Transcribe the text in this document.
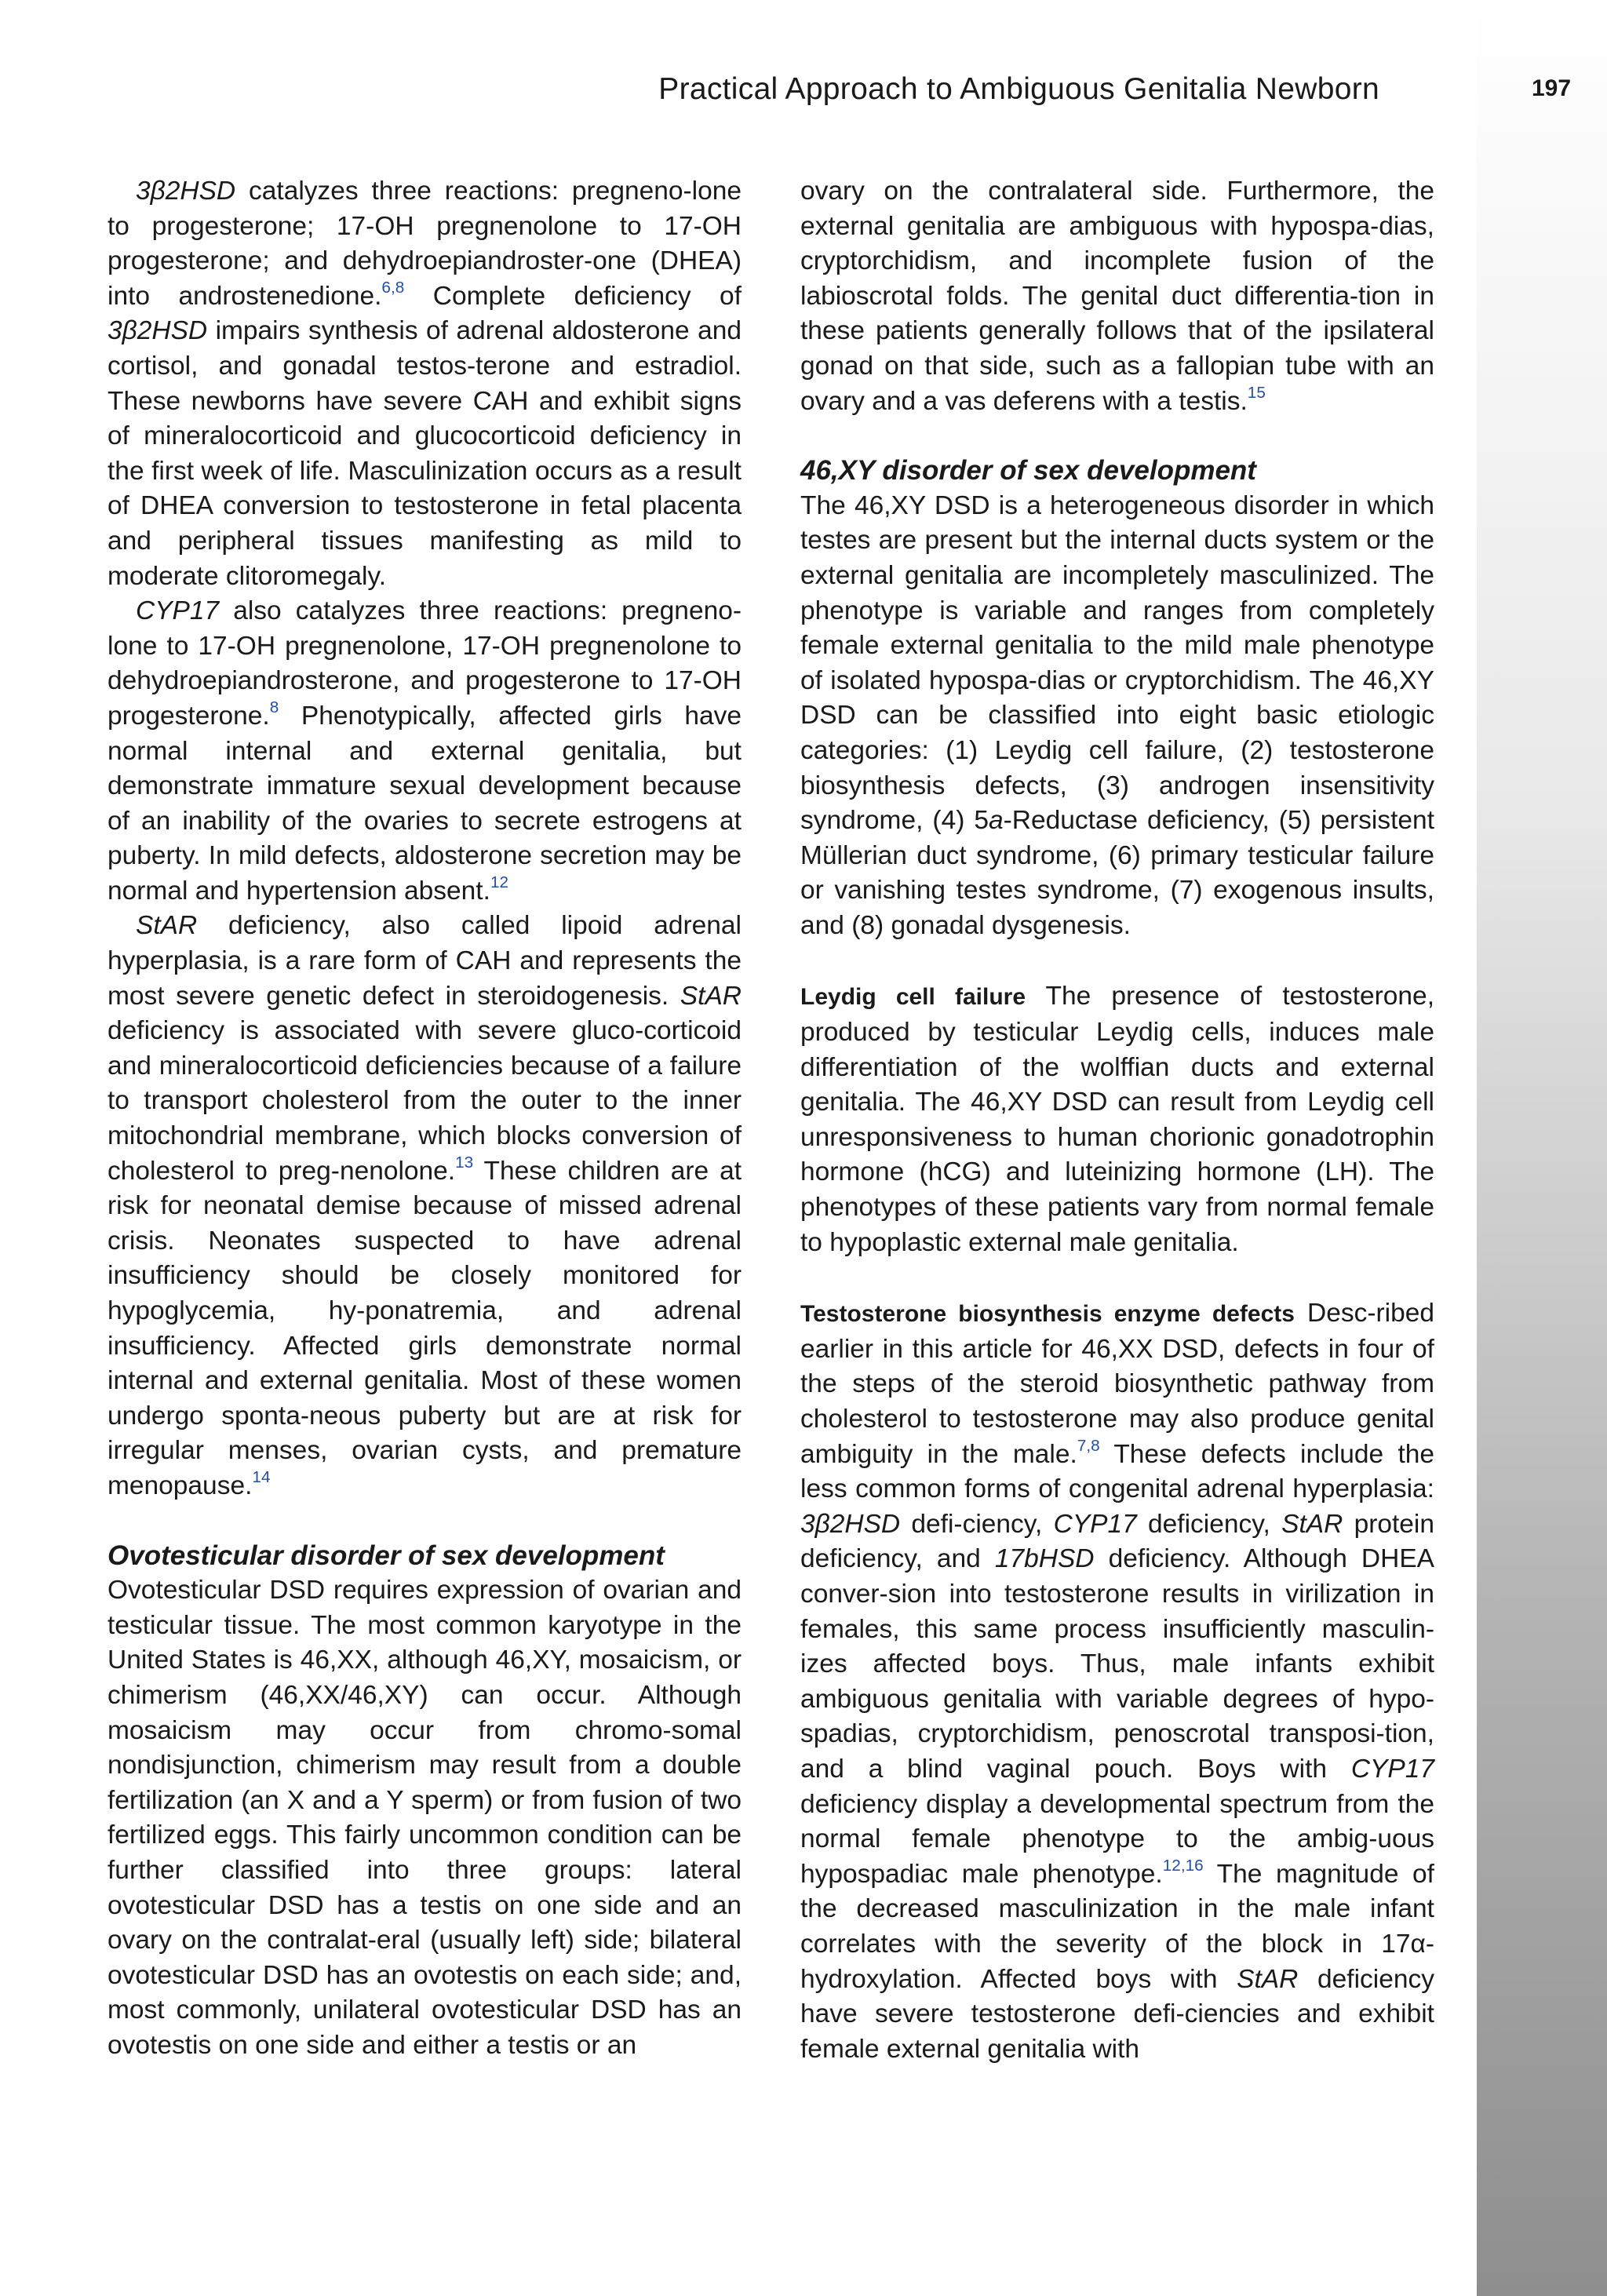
Practical Approach to Ambiguous Genitalia Newborn	197

3β2HSD catalyzes three reactions: pregneno-lone to progesterone; 17-OH pregnenolone to 17-OH progesterone; and dehydroepiandroster-one (DHEA) into androstenedione.$^{6,8}$ Complete deficiency of 3β2HSD impairs synthesis of adrenal aldosterone and cortisol, and gonadal testos-terone and estradiol. These newborns have severe CAH and exhibit signs of mineralocorticoid and glucocorticoid deficiency in the first week of life. Masculinization occurs as a result of DHEA conversion to testosterone in fetal placenta and peripheral tissues manifesting as mild to moderate clitoromegaly.

CYP17 also catalyzes three reactions: pregneno-lone to 17-OH pregnenolone, 17-OH pregnenolone to dehydroepiandrosterone, and progesterone to 17-OH progesterone.$^8$ Phenotypically, affected girls have normal internal and external genitalia, but demonstrate immature sexual development because of an inability of the ovaries to secrete estrogens at puberty. In mild defects, aldosterone secretion may be normal and hypertension absent.$^{12}$

StAR deficiency, also called lipoid adrenal hyperplasia, is a rare form of CAH and represents the most severe genetic defect in steroidogenesis. StAR deficiency is associated with severe gluco-corticoid and mineralocorticoid deficiencies because of a failure to transport cholesterol from the outer to the inner mitochondrial membrane, which blocks conversion of cholesterol to preg-nenolone.$^{13}$ These children are at risk for neonatal demise because of missed adrenal crisis. Neonates suspected to have adrenal insufficiency should be closely monitored for hypoglycemia, hy-ponatremia, and adrenal insufficiency. Affected girls demonstrate normal internal and external genitalia. Most of these women undergo sponta-neous puberty but are at risk for irregular menses, ovarian cysts, and premature menopause.$^{14}$

Ovotesticular disorder of sex development

Ovotesticular DSD requires expression of ovarian and testicular tissue. The most common karyotype in the United States is 46,XX, although 46,XY, mosaicism, or chimerism (46,XX/46,XY) can occur. Although mosaicism may occur from chromo-somal nondisjunction, chimerism may result from a double fertilization (an X and a Y sperm) or from fusion of two fertilized eggs. This fairly uncommon condition can be further classified into three groups: lateral ovotesticular DSD has a testis on one side and an ovary on the contralat-eral (usually left) side; bilateral ovotesticular DSD has an ovotestis on each side; and, most commonly, unilateral ovotesticular DSD has an ovotestis on one side and either a testis or an

ovary on the contralateral side. Furthermore, the external genitalia are ambiguous with hypospa-dias, cryptorchidism, and incomplete fusion of the labioscrotal folds. The genital duct differentia-tion in these patients generally follows that of the ipsilateral gonad on that side, such as a fallopian tube with an ovary and a vas deferens with a testis.$^{15}$

46,XY disorder of sex development

The 46,XY DSD is a heterogeneous disorder in which testes are present but the internal ducts system or the external genitalia are incompletely masculinized. The phenotype is variable and ranges from completely female external genitalia to the mild male phenotype of isolated hypospa-dias or cryptorchidism. The 46,XY DSD can be classified into eight basic etiologic categories: (1) Leydig cell failure, (2) testosterone biosynthesis defects, (3) androgen insensitivity syndrome, (4) 5a-Reductase deficiency, (5) persistent Müllerian duct syndrome, (6) primary testicular failure or vanishing testes syndrome, (7) exogenous insults, and (8) gonadal dysgenesis.

Leydig cell failure The presence of testosterone, produced by testicular Leydig cells, induces male differentiation of the wolffian ducts and external genitalia. The 46,XY DSD can result from Leydig cell unresponsiveness to human chorionic gonadotrophin hormone (hCG) and luteinizing hormone (LH). The phenotypes of these patients vary from normal female to hypoplastic external male genitalia.

Testosterone biosynthesis enzyme defects Desc-ribed earlier in this article for 46,XX DSD, defects in four of the steps of the steroid biosynthetic pathway from cholesterol to testosterone may also produce genital ambiguity in the male.$^{7,8}$ These defects include the less common forms of congenital adrenal hyperplasia: 3β2HSD defi-ciency, CYP17 deficiency, StAR protein deficiency, and 17bHSD deficiency. Although DHEA conver-sion into testosterone results in virilization in females, this same process insufficiently masculin-izes affected boys. Thus, male infants exhibit ambiguous genitalia with variable degrees of hypo-spadias, cryptorchidism, penoscrotal transposi-tion, and a blind vaginal pouch. Boys with CYP17 deficiency display a developmental spectrum from the normal female phenotype to the ambig-uous hypospadiac male phenotype.$^{12,16}$ The magnitude of the decreased masculinization in the male infant correlates with the severity of the block in 17α-hydroxylation. Affected boys with StAR deficiency have severe testosterone defi-ciencies and exhibit female external genitalia with
